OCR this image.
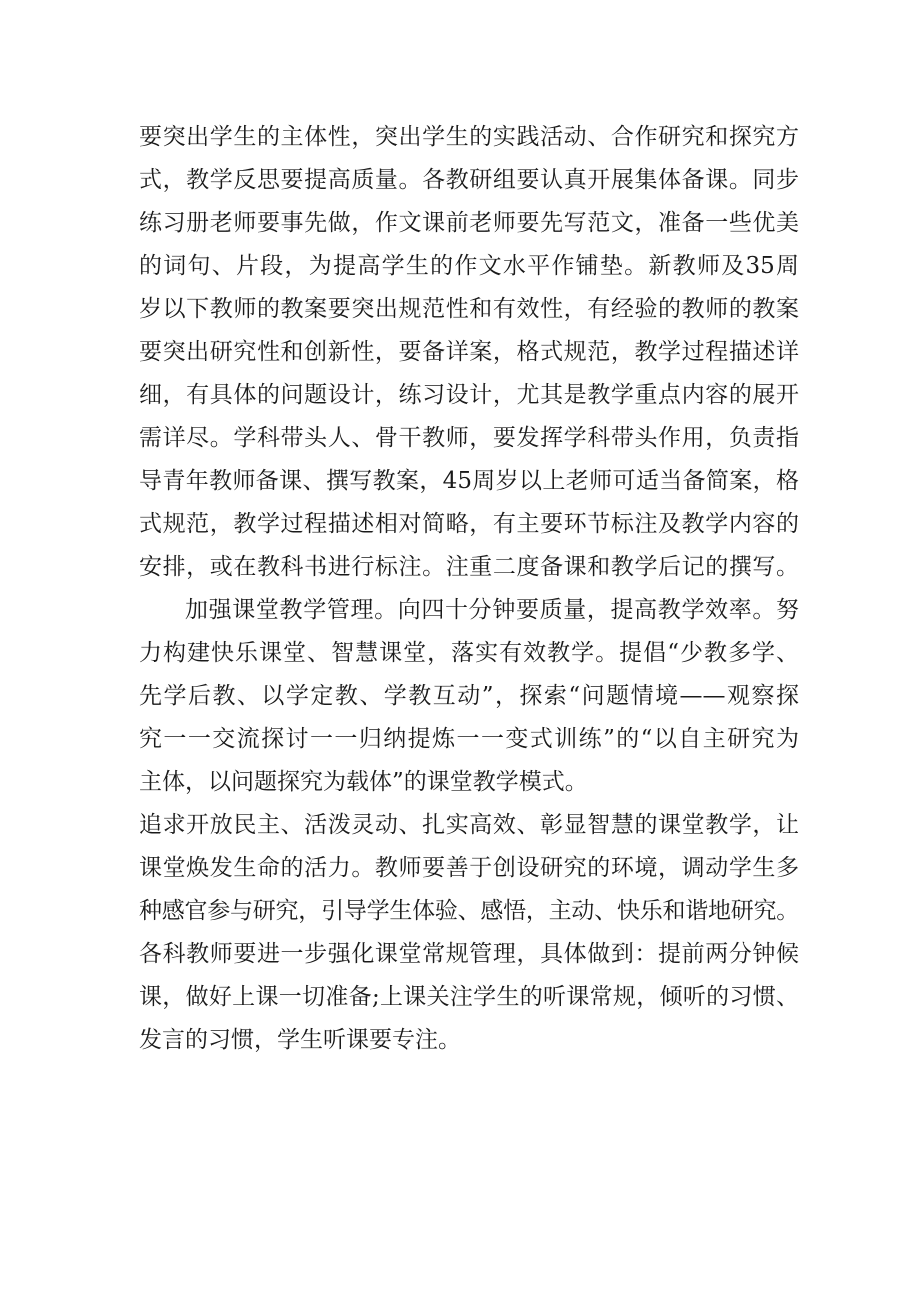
要突出学生的主体性，突出学生的实践活动、合作研究和探究方
式，教学反思要提高质量。各教研组要认真开展集体备课。同步
练习册老师要事先做，作文课前老师要先写范文，准备一些优美
的词句、片段，为提高学生的作文水平作铺垫。新教师及35周
岁以下教师的教案要突出规范性和有效性，有经验的教师的教案
要突出研究性和创新性，要备详案，格式规范，教学过程描述详
细，有具体的问题设计，练习设计，尤其是教学重点内容的展开
需详尽。学科带头人、骨干教师，要发挥学科带头作用，负责指
导青年教师备课、撰写教案，45周岁以上老师可适当备简案，格
式规范，教学过程描述相对简略，有主要环节标注及教学内容的
安排，或在教科书进行标注。注重二度备课和教学后记的撰写。
加强课堂教学管理。向四十分钟要质量，提高教学效率。努
力构建快乐课堂、智慧课堂，落实有效教学。提倡“少教多学、
先学后教、以学定教、学教互动”，探索“问题情境——观察探
究一一交流探讨一一归纳提炼一一变式训练”的“以自主研究为
主体，以问题探究为载体”的课堂教学模式。
追求开放民主、活泼灵动、扎实高效、彰显智慧的课堂教学，让
课堂焕发生命的活力。教师要善于创设研究的环境，调动学生多
种感官参与研究，引导学生体验、感悟，主动、快乐和谐地研究。
各科教师要进一步强化课堂常规管理，具体做到：提前两分钟候
课，做好上课一切准备;上课关注学生的听课常规，倾听的习惯、
发言的习惯，学生听课要专注。
